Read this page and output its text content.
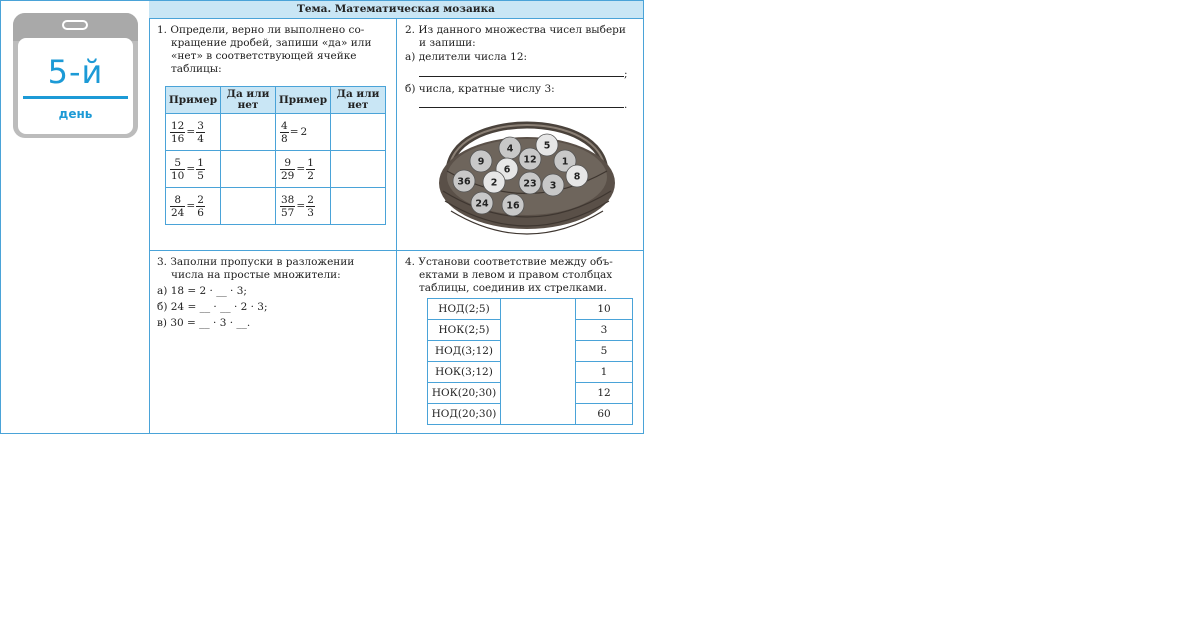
5-й
день
Тема. Математическая мозаика
1. Определи, верно ли выполнено со-
кращение дробей, запиши «да» или
«нет» в соответствующей ячейке
таблицы:
Пример	Да или нет	Пример	Да или нет

$\frac{12}{16} = \frac{3}{4}$		$\frac{4}{8} = 2$	

$\frac{5}{10} = \frac{1}{5}$		$\frac{9}{29} = \frac{1}{2}$

$\frac{8}{24} = \frac{2}{6}$		$\frac{38}{57} = \frac{2}{3}$

2. Из данного множества чисел выбери
и запиши:
а) делители числа 12:
;
б) числа, кратные числу 3:
.
4	5
9	12
6
1
36 2	23 3
8
24 16
3. Заполни пропуски в разложении
числа на простые множители:
а) 18 = 2 · __ · 3;
б) 24 = __ · __ · 2 · 3;
в) 30 = __ · 3 · __.
4. Установи соответствие между объ-
ектами в левом и правом столбцах
таблицы, соединив их стрелками.
НОД(2;5)		10
НОК(2;5)		3
НОД(3;12)		5
НОК(3;12)		1
НОК(20;30)		12
НОД(20;30)		60
